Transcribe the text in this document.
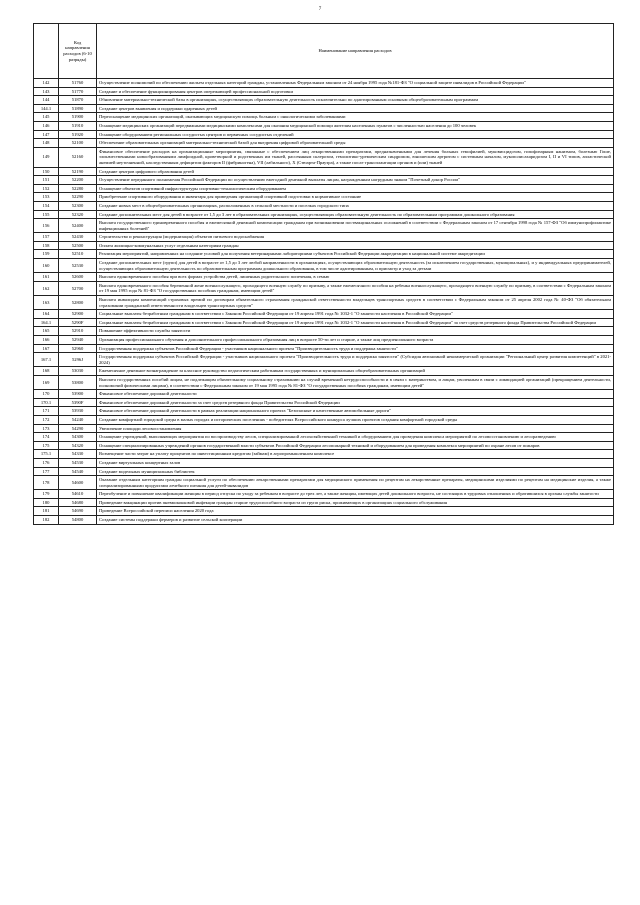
7
	Код направления расходов (6-10 разряды)	Наименование направления расходов
142	51760	Осуществление полномочий по обеспечению жильем отдельных категорий граждан, установленных Федеральным законом от 24 ноября 1995 года №181-ФЗ "О социальной защите инвалидов в Российской Федерации"
143	51770	Создание и обеспечение функционирования центров опережающей профессиональной подготовки
144	51870	Обновление материально-технической базы в организациях, осуществляющих образовательную деятельность исключительно по адаптированным основным общеобразовательным программам
144.1	51890	Создание центров выявления и поддержки одаренных детей
145	51900	Переоснащение медицинских организаций, оказывающих медицинскую помощь больным с онкологическими заболеваниями
146	51910	Оснащение медицинских организаций передвижными медицинскими комплексами для оказания медицинской помощи жителям населенных пунктов с численностью населения до 100 человек
147	51920	Оснащение оборудованием региональных сосудистых центров и первичных сосудистых отделений
148	52100	Обеспечение образовательных организаций материально-технической базой для внедрения цифровой образовательной среды
149	52160	Финансовое обеспечение расходов на организационные мероприятия, связанные с обеспечением лиц лекарственными препаратами, предназначенными для лечения больных гемофилией, муковисцидозом, гипофизарным нанизмом, болезнью Гоше, злокачественными новообразованиями лимфоидной, кроветворной и родственных им тканей, рассеянным склерозом, гемолитико-уремическим синдромом, юношеским артритом с системным началом, мукополисахаридозом I, II и VI типов, апластической анемией неуточненной, наследственным дефицитом факторов II (фибриногена), VII (лабильного), X (Стюарта-Прауэра), а также после трансплантации органов и (или) тканей
150	52190	Создание центров цифрового образования детей
151	52200	Осуществление переданного полномочия Российской Федерации по осуществлению ежегодной денежной выплаты лицам, награжденным нагрудным знаком "Почетный донор России"
152	52280	Оснащение объектов спортивной инфраструктуры спортивно-технологическим оборудованием
153	52290	Приобретение спортивного оборудования и инвентаря для приведения организаций спортивной подготовки в нормативное состояние
154	52300	Создание новых мест в общеобразовательных организациях, расположенных в сельской местности и поселках городского типа
155	52320	Создание дополнительных мест для детей в возрасте от 1,5 до 3 лет в образовательных организациях, осуществляющих образовательную деятельность по образовательным программам дошкольного образования
156	52400	Выплата государственного единовременного пособия и ежемесячной денежной компенсации гражданам при возникновении поствакцинальных осложнений в соответствии с Федеральным законом от 17 сентября 1998 года № 157-ФЗ "Об иммунопрофилактике инфекционных болезней"
157	52430	Строительство и реконструкция (модернизация) объектов питьевого водоснабжения
158	52500	Оплата жилищно-коммунальных услуг отдельным категориям граждан
159	52510	Реализация мероприятий, направленных на создание условий для получения ветеринарными лабораториями субъектов Российской Федерации аккредитации в национальной системе аккредитации
160	52530	Создание дополнительных мест (групп) для детей в возрасте от 1,5 до 3 лет любой направленности в организациях, осуществляющих образовательную деятельность (за исключением государственных, муниципальных), и у индивидуальных предпринимателей, осуществляющих образовательную деятельность по образовательным программам дошкольного образования, в том числе адаптированным, и присмотр и уход за детьми
161	52600	Выплата единовременного пособия при всех формах устройства детей, лишенных родительского попечения, в семью
162	52700	Выплата единовременного пособия беременной жене военнослужащего, проходящего военную службу по призыву, а также ежемесячного пособия на ребенка военнослужащего, проходящего военную службу по призыву, в соответствии с Федеральным законом от 19 мая 1995 года № 81-ФЗ "О государственных пособиях гражданам, имеющим детей"
163	52800	Выплата инвалидам компенсаций страховых премий по договорам обязательного страхования гражданской ответственности владельцев транспортных средств в соответствии с Федеральным законом от 25 апреля 2002 года № 40-ФЗ "Об обязательном страховании гражданской ответственности владельцев транспортных средств"
164	52900	Социальные выплаты безработным гражданам в соответствии с Законом Российской Федерации от 19 апреля 1991 года № 1032-1 "О занятости населения в Российской Федерации"
164.1	5290F	Социальные выплаты безработным гражданам в соответствии с Законом Российской Федерации от 19 апреля 1991 года № 1032-1 "О занятости населения в Российской Федерации" за счет средств резервного фонда Правительства Российской Федерации
165	52910	Повышение эффективности службы занятости
166	52940	Организация профессионального обучения и дополнительного профессионального образования лиц в возрасте 50-ти лет и старше, а также лиц предпенсионного возраста
167	52960	Государственная поддержка субъектов Российской Федерации - участников национального проекта "Производительность труда и поддержка занятости"
167.1	5296J	Государственная поддержка субъектов Российской Федерации - участников национального проекта "Производительность труда и поддержка занятости" (Субсидия автономной некоммерческой организации "Региональный центр развития компетенций" в 2021-2024)
168	53030	Ежемесячное денежное вознаграждение за классное руководство педагогическим работникам государственных и муниципальных общеобразовательных организаций
169	53800	Выплата государственных пособий лицам, не подлежащим обязательному социальному страхованию на случай временной нетрудоспособности и в связи с материнством, и лицам, уволенным в связи с ликвидацией организаций (прекращением деятельности, полномочий физическими лицами), в соответствии с Федеральным законом от 19 мая 1995 года № 81-ФЗ "О государственных пособиях гражданам, имеющим детей"
170	53900	Финансовое обеспечение дорожной деятельности
170.1	5390F	Финансовое обеспечение дорожной деятельности за счет средств резервного фонда Правительства Российской Федерации
171	53930	Финансовое обеспечение дорожной деятельности в рамках реализации национального проекта "Безопасные и качественные автомобильные дороги"
172	54240	Создание комфортной городской среды в малых городах и исторических поселениях - победителях Всероссийского конкурса лучших проектов создания комфортной городской среды
173	54290	Увеличение площади лесовосстановления
174	54300	Оснащение учреждений, выполняющих мероприятия по воспроизводству лесов, специализированной лесохозяйственной техникой и оборудованием для проведения комплекса мероприятий по лесовосстановлению и лесоразведению
175	54320	Оснащение специализированных учреждений органов государственной власти субъектов Российской Федерации лесопожарной техникой и оборудованием для проведения комплекса мероприятий по охране лесов от пожаров
175.1	54330	Возмещение части затрат на уплату процентов по инвестиционным кредитам (займам) в агропромышленном комплексе
176	54530	Создание виртуальных концертных залов
177	54540	Создание модельных муниципальных библиотек
178	54600	Оказание отдельным категориям граждан социальной услуги по обеспечению лекарственными препаратами для медицинского применения по рецептам на лекарственные препараты, медицинскими изделиями по рецептам на медицинские изделия, а также специализированными продуктами лечебного питания для детей-инвалидов
179	54610	Переобучение и повышение квалификации женщин в период отпуска по уходу за ребенком в возрасте до трех лет, а также женщин, имеющих детей дошкольного возраста, не состоящих в трудовых отношениях и обратившихся в органы службы занятости
180	54680	Проведение вакцинации против пневмококковой инфекции граждан старше трудоспособного возраста из групп риска, проживающих в организациях социального обслуживания
181	54690	Проведение Всероссийской переписи населения 2020 года
182	54800	Создание системы поддержки фермеров и развитие сельской кооперации
